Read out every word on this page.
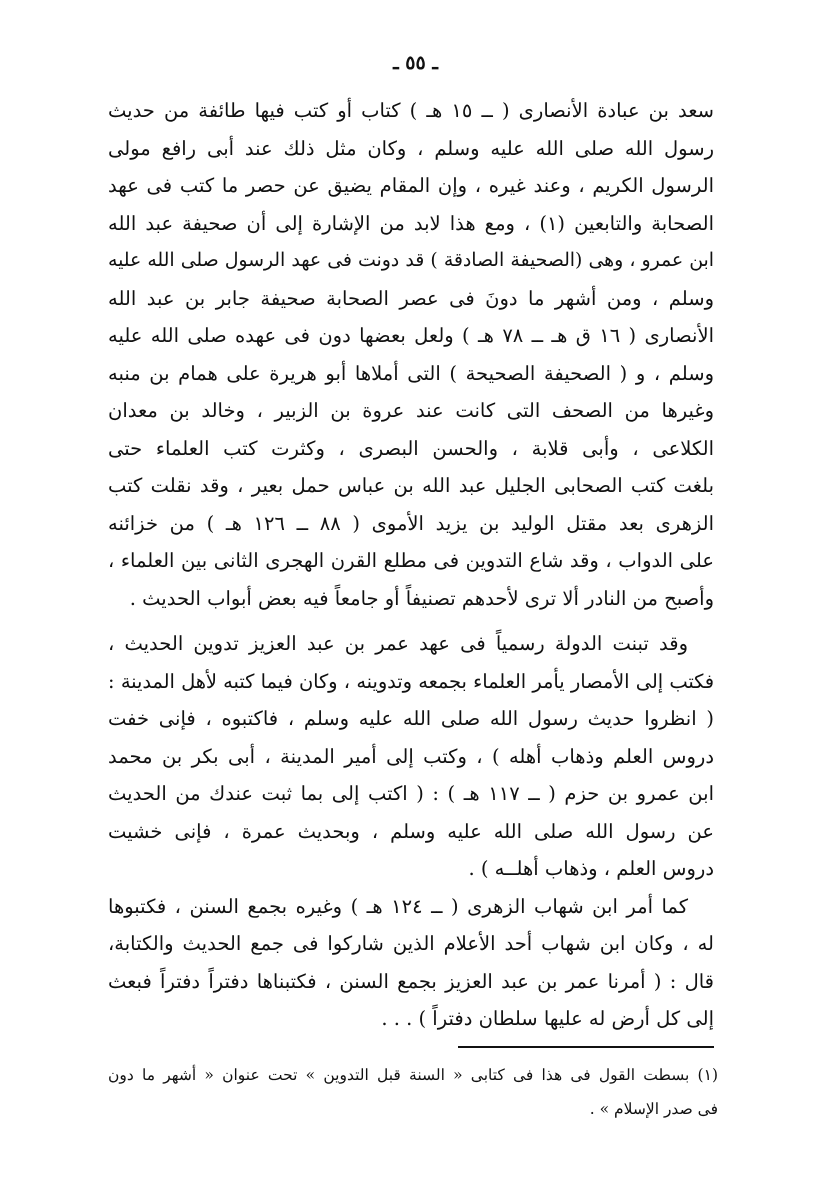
ـ ٥٥ ـ
سعد بن عبادة الأنصارى ( ــ ١٥ هـ ) كتاب أو كتب فيها طائفة من حديث
رسول الله صلى الله عليه وسلم ، وكان مثل ذلك عند أبى رافع مولى
الرسول الكريم ، وعند غيره ، وإن المقام يضيق عن حصر ما كتب فى عهد
الصحابة والتابعين (١) ، ومع هذا لابد من الإشارة إلى أن صحيفة عبد الله
ابن عمرو ، وهى (الصحيفة الصادقة ) قد دونت فى عهد الرسول صلى الله عليه
وسلم ، ومن أشهر ما دونَ فى عصر الصحابة صحيفة جابر بن عبد الله
الأنصارى ( ١٦ ق هـ ــ ٧٨ هـ ) ولعل بعضها دون فى عهده صلى الله عليه
وسلم ، و ( الصحيفة الصحيحة ) التى أملاها أبو هريرة على همام بن منبه
وغيرها من الصحف التى كانت عند عروة بن الزبير ، وخالد بن معدان
الكلاعى ، وأبى قلابة ، والحسن البصرى ، وكثرت كتب العلماء حتى
بلغت كتب الصحابى الجليل عبد الله بن عباس حمل بعير ، وقد نقلت كتب
الزهرى بعد مقتل الوليد بن يزيد الأموى ( ٨٨ ــ ١٢٦ هـ ) من خزائنه
على الدواب ، وقد شاع التدوين فى مطلع القرن الهجرى الثانى بين العلماء ،
وأصبح من النادر ألا ترى لأحدهم تصنيفاً أو جامعاً فيه بعض أبواب الحديث .
وقد تبنت الدولة رسمياً فى عهد عمر بن عبد العزيز تدوين الحديث ،
فكتب إلى الأمصار يأمر العلماء بجمعه وتدوينه ، وكان فيما كتبه لأهل المدينة :
( انظروا حديث رسول الله صلى الله عليه وسلم ، فاكتبوه ، فإنى خفت
دروس العلم وذهاب أهله ) ، وكتب إلى أمير المدينة ، أبى بكر بن محمد
ابن عمرو بن حزم ( ــ ١١٧ هـ ) : ( اكتب إلى بما ثبت عندك من الحديث
عن رسول الله صلى الله عليه وسلم ، وبحديث عمرة ، فإنى خشيت
دروس العلم ، وذهاب أهلــه ) .
كما أمر ابن شهاب الزهرى ( ــ ١٢٤ هـ ) وغيره بجمع السنن ، فكتبوها
له ، وكان ابن شهاب أحد الأعلام الذين شاركوا فى جمع الحديث والكتابة،
قال : ( أمرنا عمر بن عبد العزيز بجمع السنن ، فكتبناها دفتراً دفتراً فبعث
إلى كل أرض له عليها سلطان دفتراً ) . . .
(١) بسطت القول فى هذا فى كتابى « السنة قبل التدوين » تحت عنوان « أشهر ما دون
فى صدر الإسلام » .
